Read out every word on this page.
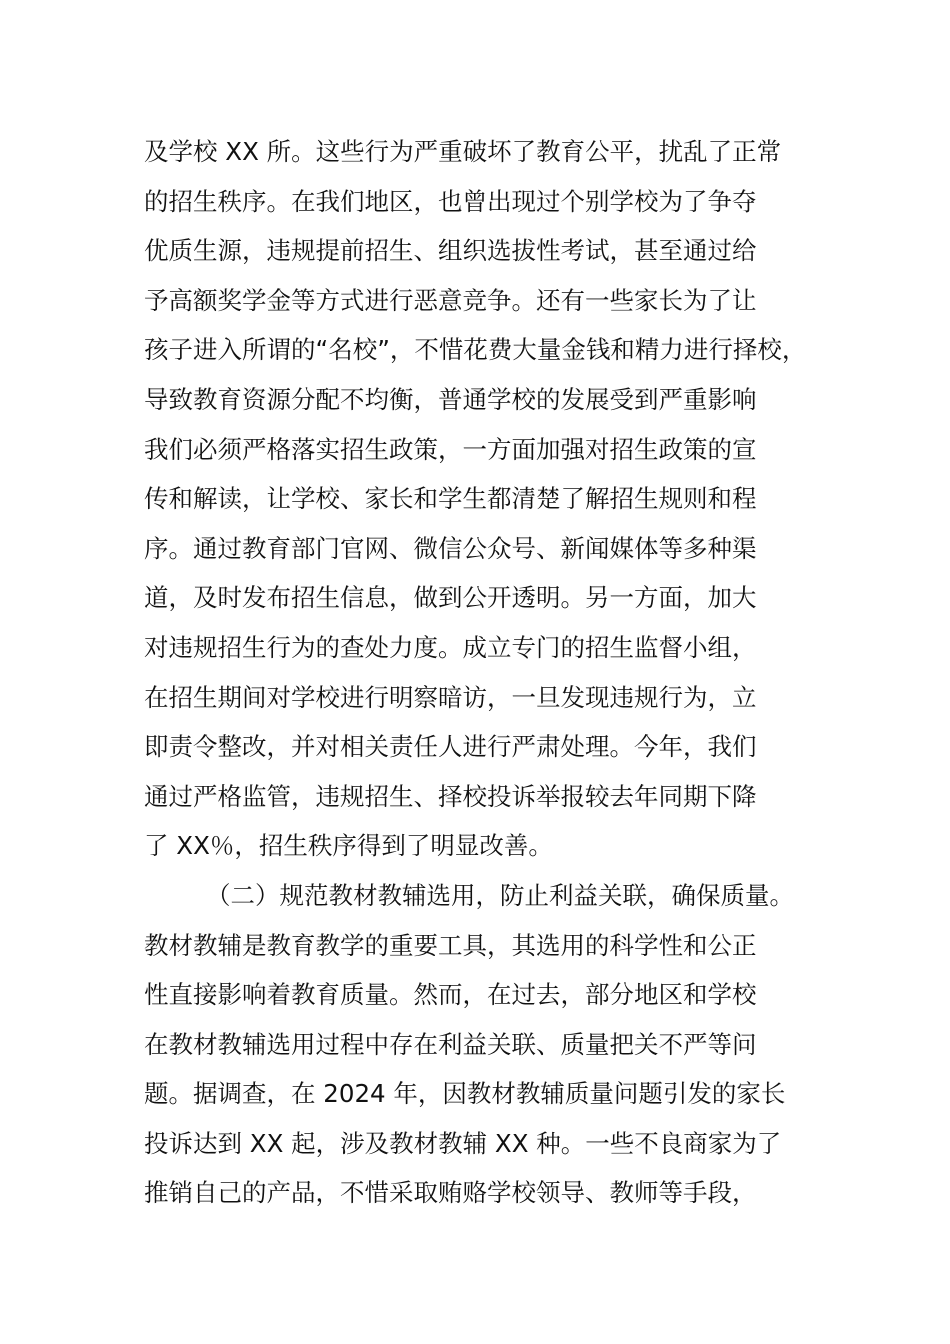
及学校 XX 所。这些行为严重破坏了教育公平，扰乱了正常
的招生秩序。在我们地区，也曾出现过个别学校为了争夺
优质生源，违规提前招生、组织选拔性考试，甚至通过给
予高额奖学金等方式进行恶意竞争。还有一些家长为了让
孩子进入所谓的“名校”，不惜花费大量金钱和精力进行择校，
导致教育资源分配不均衡，普通学校的发展受到严重影响
我们必须严格落实招生政策，一方面加强对招生政策的宣
传和解读，让学校、家长和学生都清楚了解招生规则和程
序。通过教育部门官网、微信公众号、新闻媒体等多种渠
道，及时发布招生信息，做到公开透明。另一方面，加大
对违规招生行为的查处力度。成立专门的招生监督小组，
在招生期间对学校进行明察暗访，一旦发现违规行为，立
即责令整改，并对相关责任人进行严肃处理。今年，我们
通过严格监管，违规招生、择校投诉举报较去年同期下降
了 XX％，招生秩序得到了明显改善。
（二）规范教材教辅选用，防止利益关联，确保质量。
教材教辅是教育教学的重要工具，其选用的科学性和公正
性直接影响着教育质量。然而，在过去，部分地区和学校
在教材教辅选用过程中存在利益关联、质量把关不严等问
题。据调查，在 2024 年，因教材教辅质量问题引发的家长
投诉达到 XX 起，涉及教材教辅 XX 种。一些不良商家为了
推销自己的产品，不惜采取贿赂学校领导、教师等手段，
